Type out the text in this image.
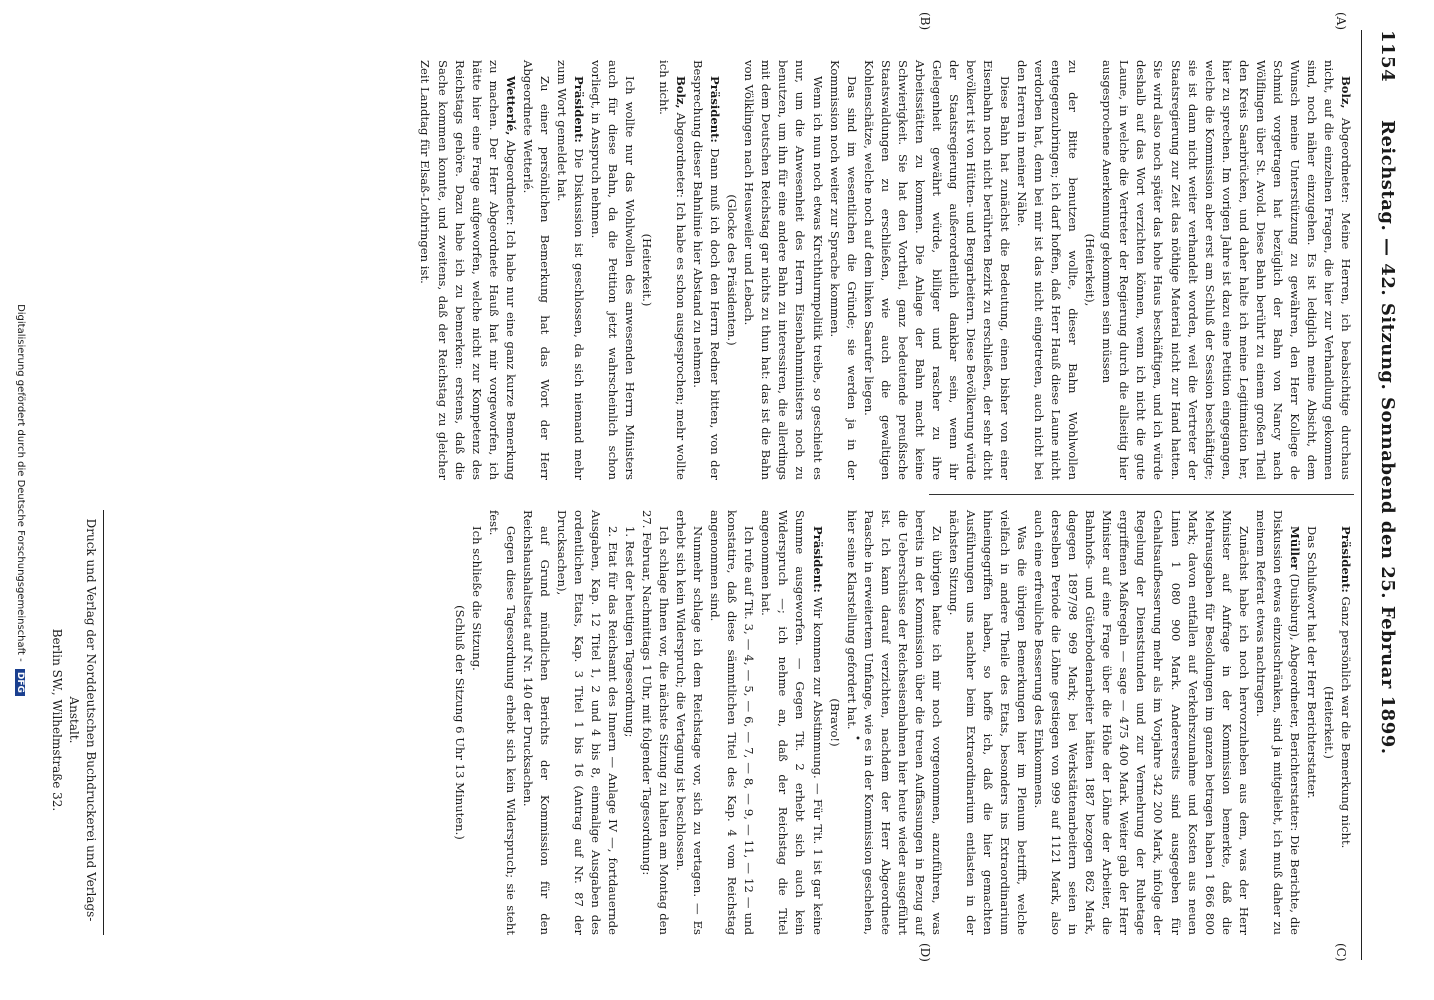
1154
Reichstag. — 42. Sitzung. Sonnabend den 25. Februar 1899.
(A)
(B)
(C)
(D)

Bolz, Abgeordneter: Meine Herren, ich beabsichtige durchaus nicht, auf die einzelnen Fragen, die hier zur Verhandlung gekommen sind, noch näher einzugehen. Es ist lediglich meine Absicht, dem Wunsch meine Unterstützung zu gewähren, den Herr Kollege de Schmid vorgetragen hat bezüglich der Bahn von Nancy nach Wölflingen über St. Avold. Diese Bahn berührt zu einem großen Theil den Kreis Saarbrücken, und daher halte ich meine Legitimation her, hier zu sprechen. Im vorigen Jahre ist dazu eine Petition eingegangen, welche die Kommission aber erst am Schluß der Session beschäftigte; sie ist dann nicht weiter verhandelt worden, weil die Vertreter der Staatsregierung zur Zeit das nöthige Material nicht zur Hand hatten. Sie wird also noch später das hohe Haus beschäftigen, und ich würde deshalb auf das Wort verzichten können, wenn ich nicht die gute Laune, in welche die Vertreter der Regierung durch die allseitig hier ausgesprochene Anerkennung gekommen sein müssen

(Heiterkeit),

zu der Bitte benutzen wollte, dieser Bahn Wohlwollen entgegenzubringen; ich darf hoffen, daß Herr Hauß diese Laune nicht verdorben hat, denn bei mir ist das nicht eingetreten, auch nicht bei den Herren in meiner Nähe.

Diese Bahn hat zunächst die Bedeutung, einen bisher von einer Eisenbahn noch nicht berührten Bezirk zu erschließen, der sehr dicht bevölkert ist von Hütten- und Bergarbeitern. Diese Bevölkerung würde der Staatsregierung außerordentlich dankbar sein, wenn ihr Gelegenheit gewährt würde, billiger und rascher zu ihre Arbeitsstätten zu kommen. Die Anlage der Bahn macht keine Schwierigkeit. Sie hat den Vortheil, ganz bedeutende preußische Staatswaldungen zu erschließen, wie auch die gewaltigen Kohlenschätze, welche noch auf dem linken Saarufer liegen.

Das sind im wesentlichen die Gründe; sie werden ja in der Kommission noch weiter zur Sprache kommen.

Wenn ich nun noch etwas Kirchthurmpolitik treibe, so geschieht es nur, um die Anwesenheit des Herrn Eisenbahnministers noch zu benutzen, um ihn für eine andere Bahn zu interessiren, die allerdings mit dem Deutschen Reichstag gar nichts zu thun hat: das ist die Bahn von Völklingen nach Heusweiler und Lebach.

(Glocke des Präsidenten.)

Präsident: Dann muß ich doch den Herrn Redner bitten, von der Besprechung dieser Bahnlinie hier Abstand zu nehmen.

Bolz, Abgeordneter: Ich habe es schon ausgesprochen; mehr wollte ich nicht.

(Heiterkeit.)

Ich wollte nur das Wohlwollen des anwesenden Herrn Ministers auch für diese Bahn, da die Petition jetzt wahrscheinlich schon vorliegt, in Anspruch nehmen.

Präsident: Die Diskussion ist geschlossen, da sich niemand mehr zum Wort gemeldet hat.

Zu einer persönlichen Bemerkung hat das Wort der Herr Abgeordnete Wetterlé.

Wetterlé, Abgeordneter: Ich habe nur eine ganz kurze Bemerkung zu machen. Der Herr Abgeordnete Hauß hat mir vorgeworfen, ich hätte hier eine Frage aufgeworfen, welche nicht zur Kompetenz des Reichstags gehöre. Dazu habe ich zu bemerken: erstens, daß die Sache kommen konnte, und zweitens, daß der Reichstag zu gleicher Zeit Landtag für Elsaß-Lothringen ist.

Präsident: Ganz persönlich war die Bemerkung nicht.

(Heiterkeit.)

Das Schlußwort hat der Herr Berichterstatter.

Müller (Duisburg), Abgeordneter, Berichterstatter: Die Berichte, die Diskussion etwas einzuschränken, sind ja mitgeliebt, ich muß daher zu meinem Referat etwas nachtragen.

Zunächst habe ich noch hervorzuheben aus dem, was der Herr Minister auf Anfrage in der Kommission bemerkte, daß die Mehrausgaben für Besoldungen im ganzen betragen haben 1 866 800 Mark; davon entfallen auf Verkehrszunahme und Kosten aus neuen Linien 1 080 900 Mark. Andererseits sind ausgegeben für Gehaltsaufbesserung mehr als im Vorjahre 342 200 Mark, infolge der Regelung der Dienststunden und zur Vermehrung der Ruhetage ergriffenen Maßregeln — sage — 475 400 Mark. Weiter gab der Herr Minister auf eine Frage über die Höhe der Löhne der Arbeiter, die Bahnhofs- und Güterbodenarbeiter hätten 1887 bezogen 862 Mark, dagegen 1897/98 969 Mark; bei Werkstättenarbeitern seien in derselben Periode die Löhne gestiegen von 999 auf 1121 Mark, also auch eine erfreuliche Besserung des Einkommens.

Was die übrigen Bemerkungen hier im Plenum betrifft, welche vielfach in andere Theile des Etats, besonders ins Extraordinarium hineingegriffen haben, so hoffe ich, daß die hier gemachten Ausführungen uns nachher beim Extraordinarium entlasten in der nächsten Sitzung.

Zu übrigen hatte ich mir noch vorgenommen, anzuführen, was bereits in der Kommission über die treuen Auffassungen in Bezug auf die Ueberschüsse der Reichseisenbahnen hier heute wieder ausgeführt ist. Ich kann darauf verzichten, nachdem der Herr Abgeordnete Paasche in erweitertem Umfange, wie es in der Kommission geschehen, hier seine Klarstellung gefordert hat.

(Bravo!)

Präsident: Wir kommen zur Abstimmung. — Für Tit. 1 ist gar keine Summe ausgeworfen. — Gegen Tit. 2 erhebt sich auch kein Widerspruch —; ich nehme an, daß der Reichstag die Titel angenommen hat.

Ich rufe auf Tit. 3, — 4, — 5, — 6, — 7, — 8, — 9, — 11, — 12 — und konstatire, daß diese sämmtlichen Titel des Kap. 4 vom Reichstag angenommen sind.

Nunmehr schlage ich dem Reichstage vor, sich zu vertagen. — Es erhebt sich kein Widerspruch; die Vertagung ist beschlossen.

Ich schlage Ihnen vor, die nächste Sitzung zu halten am Montag den 27. Februar, Nachmittags 1 Uhr, mit folgender Tagesordnung:

1. Rest der heutigen Tagesordnung;

2. Etat für das Reichsamt des Innern — Anlage IV —, fortdauernde Ausgaben, Kap. 12 Titel 1, 2 und 4 bis 8, einmalige Ausgaben des ordentlichen Etats, Kap. 3 Titel 1 bis 16 (Antrag auf Nr. 87 der Drucksachen),

auf Grund mündlichen Berichts der Kommission für den Reichshaushaltsetat auf Nr. 140 der Drucksachen.

Gegen diese Tagesordnung erhebt sich kein Widerspruch; sie steht fest.

Ich schließe die Sitzung.

(Schluß der Sitzung 6 Uhr 13 Minuten.)	•
Druck und Verlag der Norddeutschen Buchdruckerei und Verlags-Anstalt.
Berlin SW., Wilhelmstraße 32.
Digitalisierung gefördert durch die Deutsche Forschungsgemeinschaft - DFG
